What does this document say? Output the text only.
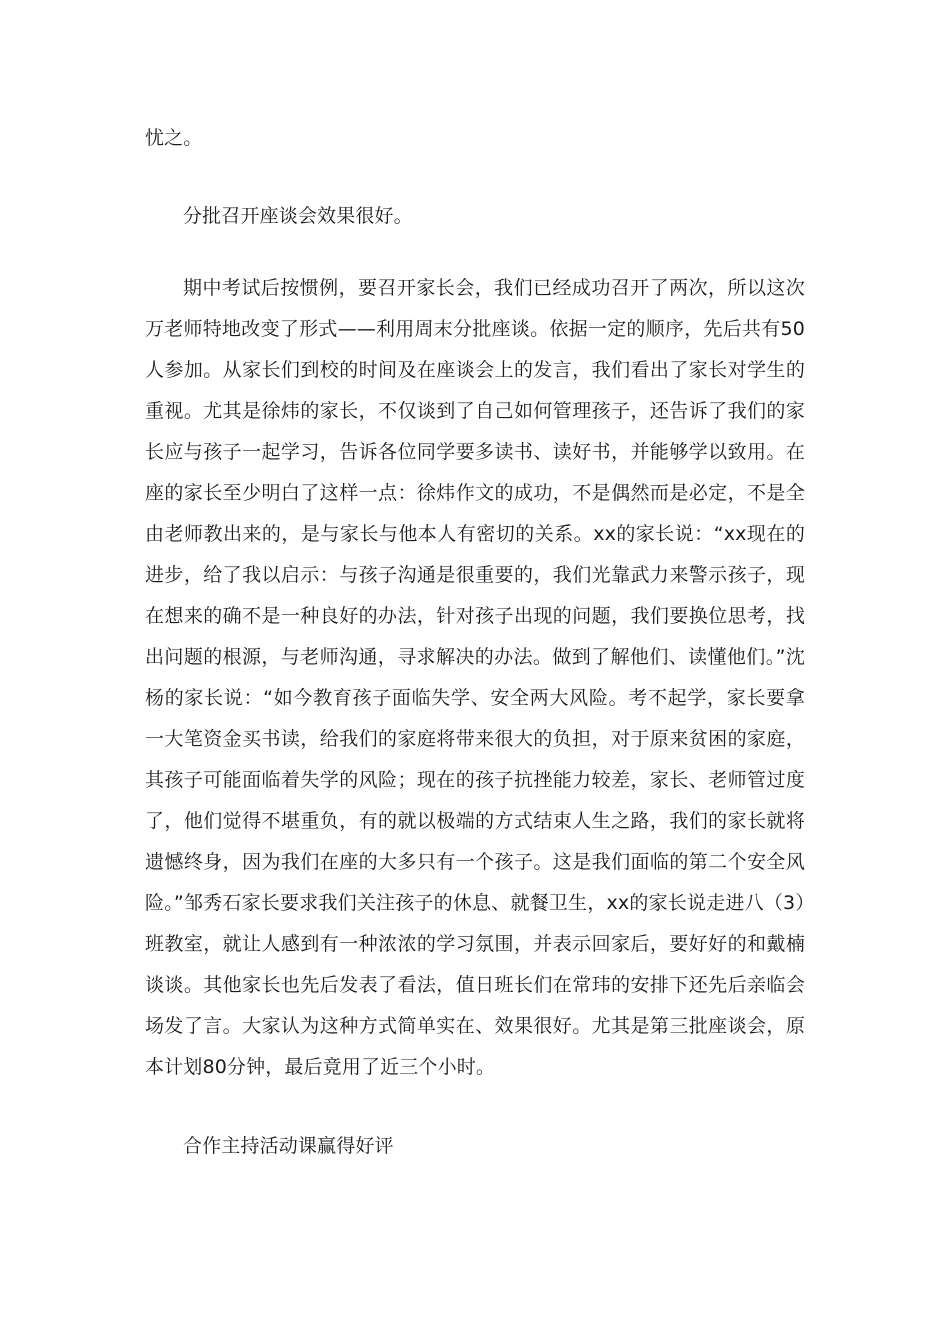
忧之。

分批召开座谈会效果很好。

期中考试后按惯例，要召开家长会，我们已经成功召开了两次，所以这次万老师特地改变了形式——利用周末分批座谈。依据一定的顺序，先后共有50人参加。从家长们到校的时间及在座谈会上的发言，我们看出了家长对学生的重视。尤其是徐炜的家长，不仅谈到了自己如何管理孩子，还告诉了我们的家长应与孩子一起学习，告诉各位同学要多读书、读好书，并能够学以致用。在座的家长至少明白了这样一点：徐炜作文的成功，不是偶然而是必定，不是全由老师教出来的，是与家长与他本人有密切的关系。xx的家长说：“xx现在的进步，给了我以启示：与孩子沟通是很重要的，我们光靠武力来警示孩子，现在想来的确不是一种良好的办法，针对孩子出现的问题，我们要换位思考，找出问题的根源，与老师沟通，寻求解决的办法。做到了解他们、读懂他们。”沈杨的家长说：“如今教育孩子面临失学、安全两大风险。考不起学，家长要拿一大笔资金买书读，给我们的家庭将带来很大的负担，对于原来贫困的家庭，其孩子可能面临着失学的风险；现在的孩子抗挫能力较差，家长、老师管过度了，他们觉得不堪重负，有的就以极端的方式结束人生之路，我们的家长就将遗憾终身，因为我们在座的大多只有一个孩子。这是我们面临的第二个安全风险。”邹秀石家长要求我们关注孩子的休息、就餐卫生，xx的家长说走进八（3）班教室，就让人感到有一种浓浓的学习氛围，并表示回家后，要好好的和戴楠谈谈。其他家长也先后发表了看法，值日班长们在常玮的安排下还先后亲临会场发了言。大家认为这种方式简单实在、效果很好。尤其是第三批座谈会，原本计划80分钟，最后竟用了近三个小时。

合作主持活动课赢得好评
